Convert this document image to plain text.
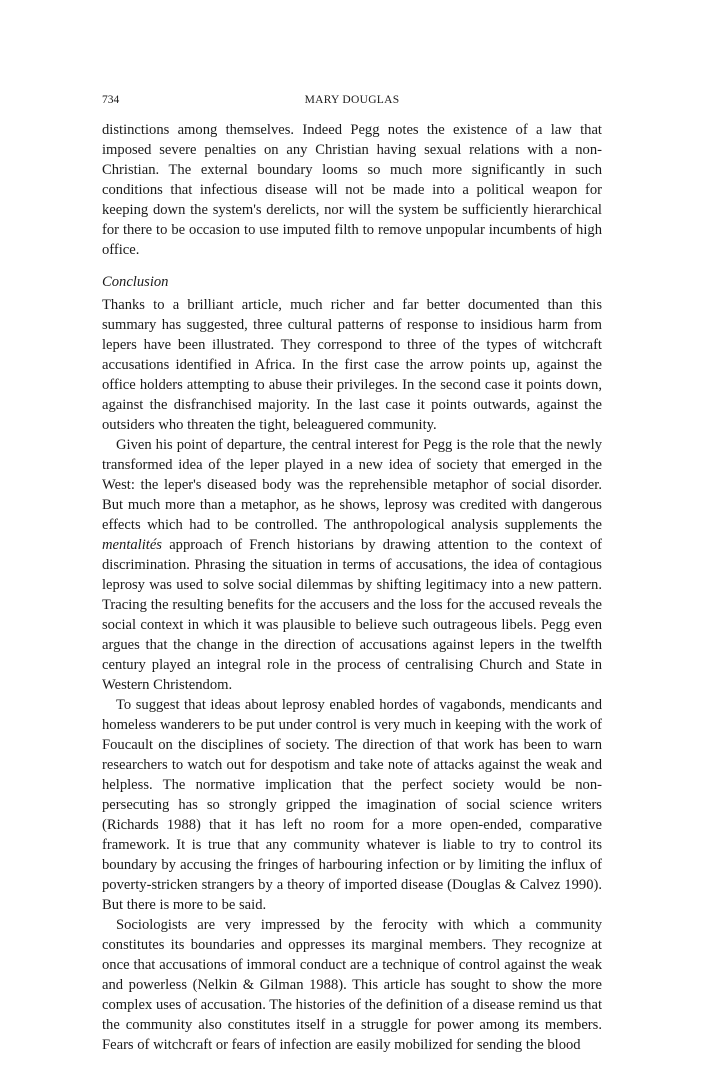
734	MARY DOUGLAS

distinctions among themselves. Indeed Pegg notes the existence of a law that imposed severe penalties on any Christian having sexual relations with a non-Christian. The external boundary looms so much more significantly in such conditions that infectious disease will not be made into a political weapon for keeping down the system's derelicts, nor will the system be sufficiently hierarchical for there to be occasion to use imputed filth to remove unpopular incumbents of high office.

Conclusion

Thanks to a brilliant article, much richer and far better documented than this summary has suggested, three cultural patterns of response to insidious harm from lepers have been illustrated. They correspond to three of the types of witchcraft accusations identified in Africa. In the first case the arrow points up, against the office holders attempting to abuse their privileges. In the second case it points down, against the disfranchised majority. In the last case it points outwards, against the outsiders who threaten the tight, beleaguered community.

Given his point of departure, the central interest for Pegg is the role that the newly transformed idea of the leper played in a new idea of society that emerged in the West: the leper's diseased body was the reprehensible metaphor of social disorder. But much more than a metaphor, as he shows, leprosy was credited with dangerous effects which had to be controlled. The anthropological analysis supplements the mentalités approach of French historians by drawing attention to the context of discrimination. Phrasing the situation in terms of accusations, the idea of contagious leprosy was used to solve social dilemmas by shifting legitimacy into a new pattern. Tracing the resulting benefits for the accusers and the loss for the accused reveals the social context in which it was plausible to believe such outrageous libels. Pegg even argues that the change in the direction of accusations against lepers in the twelfth century played an integral role in the process of centralising Church and State in Western Christendom.

To suggest that ideas about leprosy enabled hordes of vagabonds, mendicants and homeless wanderers to be put under control is very much in keeping with the work of Foucault on the disciplines of society. The direction of that work has been to warn researchers to watch out for despotism and take note of attacks against the weak and helpless. The normative implication that the perfect society would be non-persecuting has so strongly gripped the imagination of social science writers (Richards 1988) that it has left no room for a more open-ended, comparative framework. It is true that any community whatever is liable to try to control its boundary by accusing the fringes of harbouring infection or by limiting the influx of poverty-stricken strangers by a theory of imported disease (Douglas & Calvez 1990). But there is more to be said.

Sociologists are very impressed by the ferocity with which a community constitutes its boundaries and oppresses its marginal members. They recognize at once that accusations of immoral conduct are a technique of control against the weak and powerless (Nelkin & Gilman 1988). This article has sought to show the more complex uses of accusation. The histories of the definition of a disease remind us that the community also constitutes itself in a struggle for power among its members. Fears of witchcraft or fears of infection are easily mobilized for sending the blood
